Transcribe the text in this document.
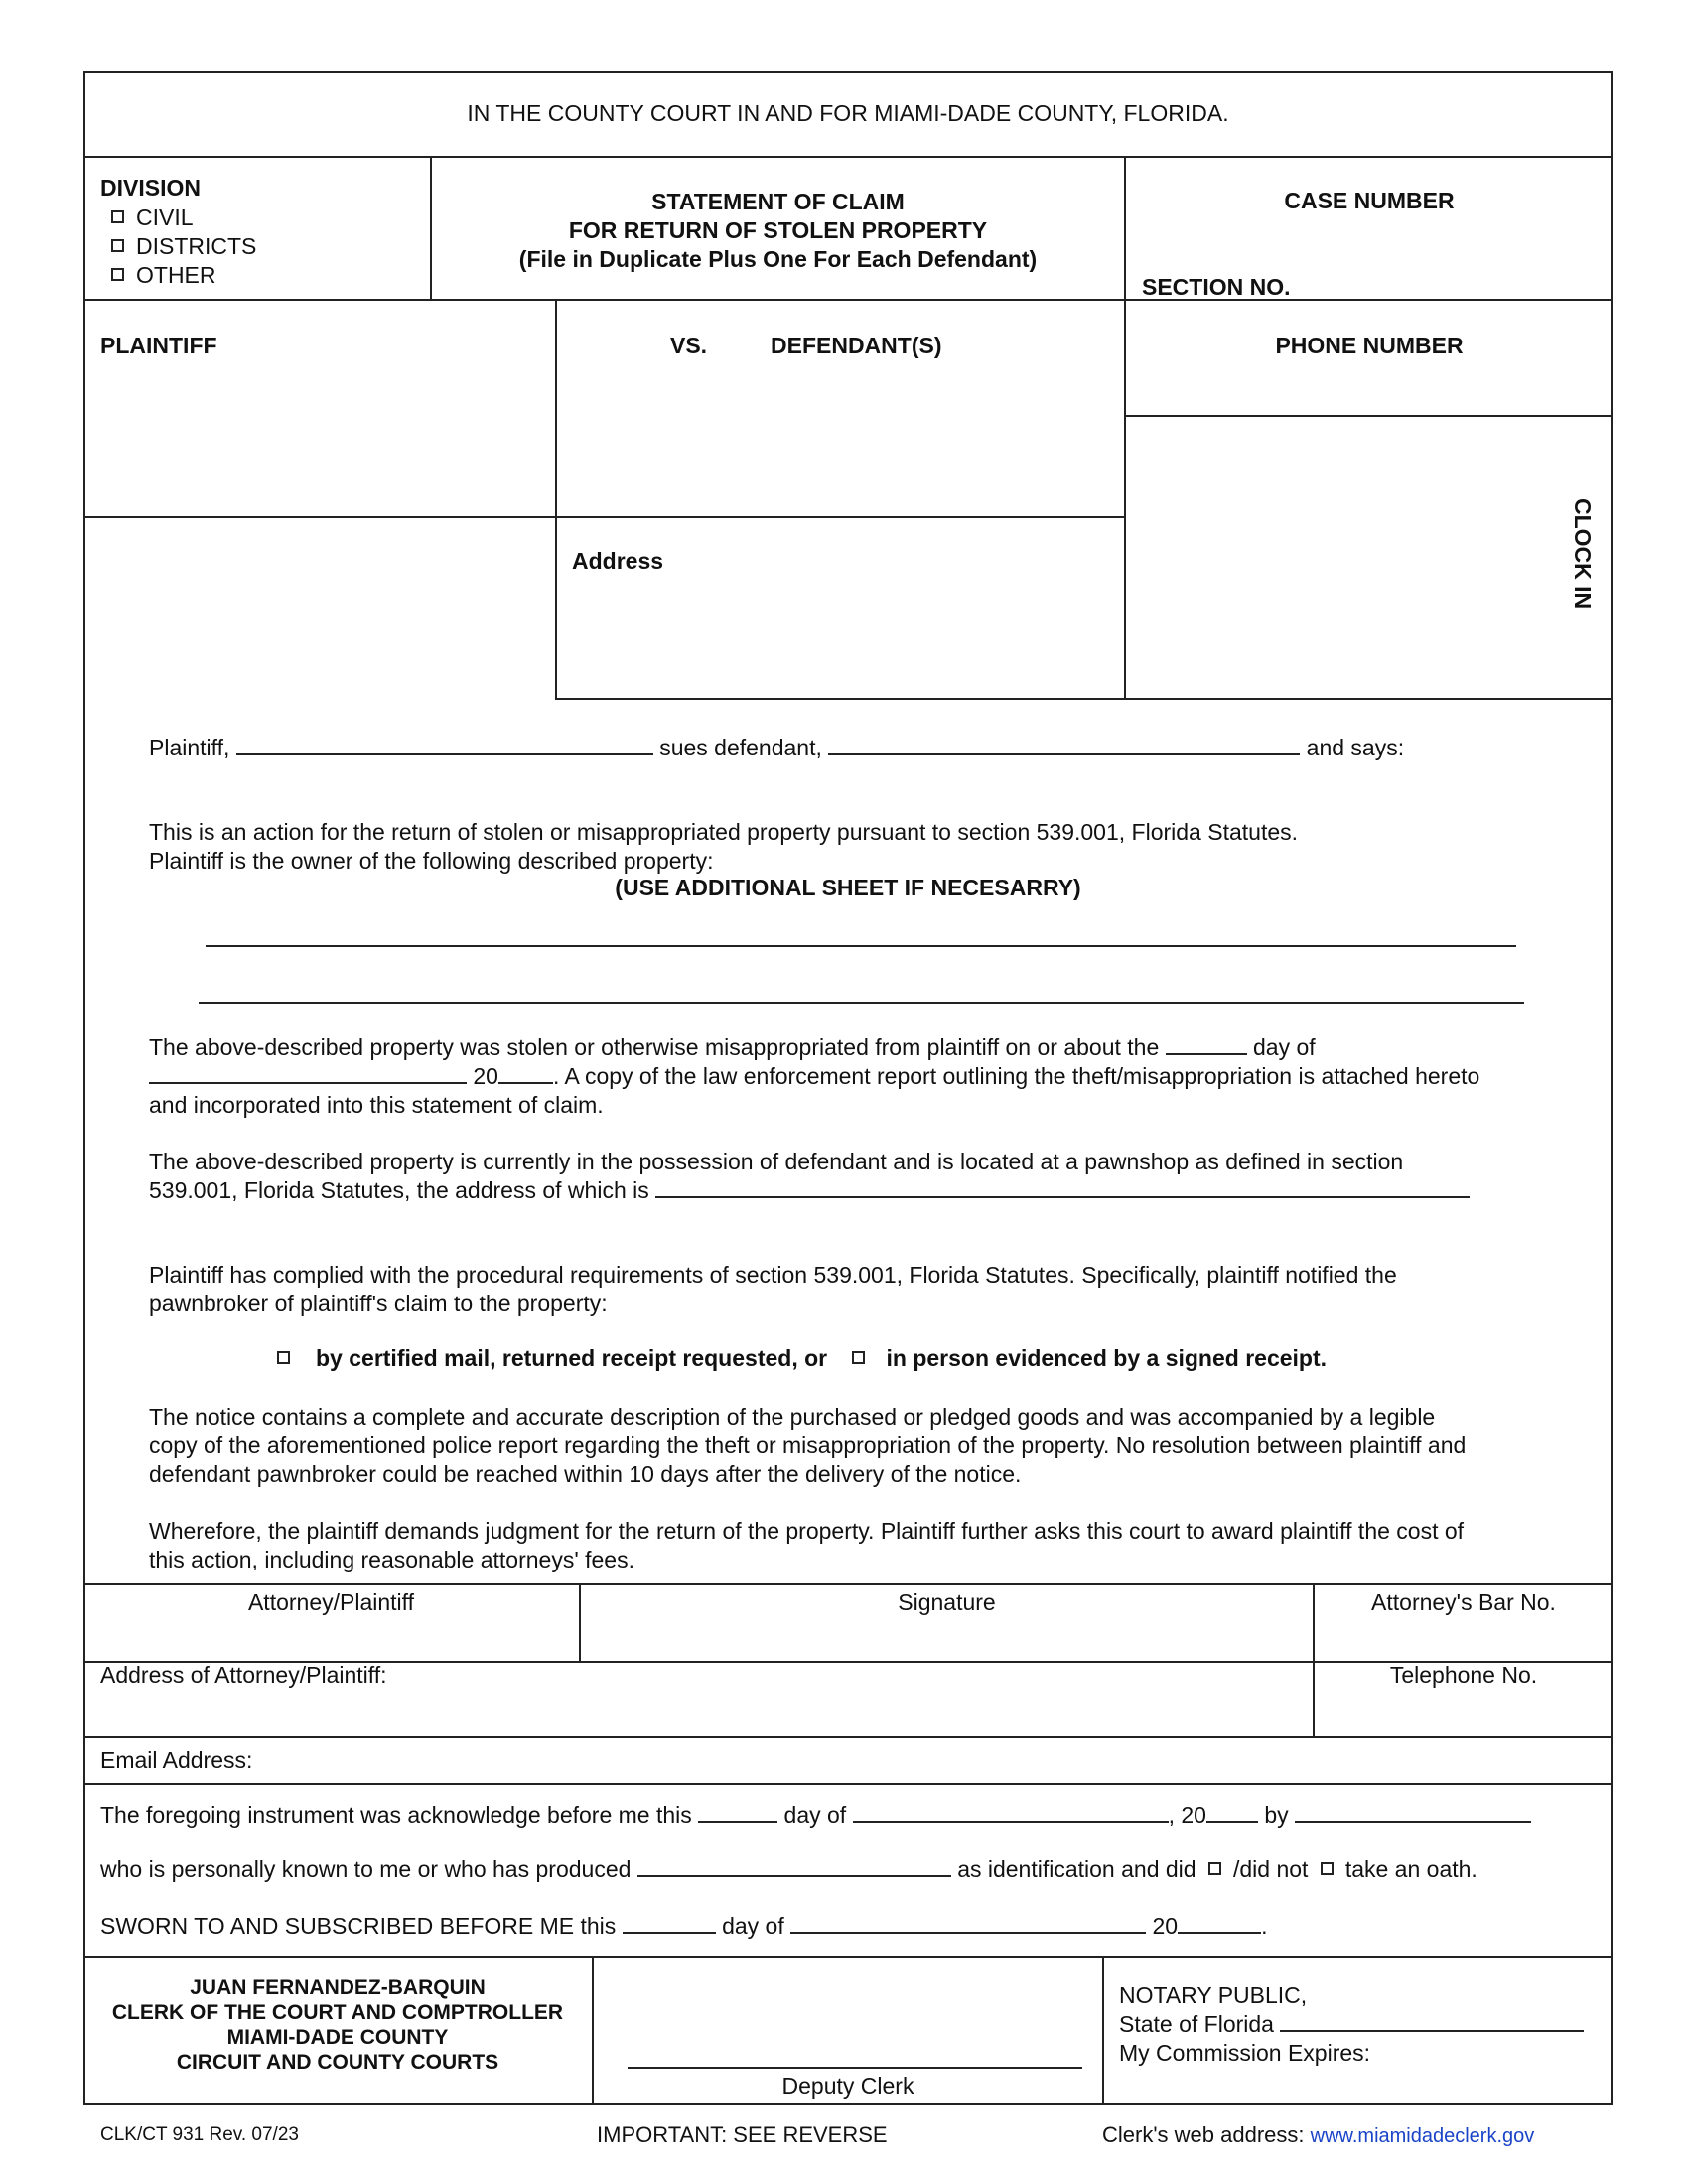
IN THE COUNTY COURT IN AND FOR MIAMI-DADE COUNTY, FLORIDA.
DIVISION
CIVIL
DISTRICTS
OTHER
STATEMENT OF CLAIM
FOR RETURN OF STOLEN PROPERTY
(File in Duplicate Plus One For Each Defendant)
CASE NUMBER
SECTION NO.
PLAINTIFF	VS.	DEFENDANT(S)	PHONE NUMBER
Address	CLOCK IN
Plaintiff,	sues defendant,	and says:
This is an action for the return of stolen or misappropriated property pursuant to section 539.001, Florida Statutes.
Plaintiff is the owner of the following described property:
(USE ADDITIONAL SHEET IF NECESARRY)
The above-described property was stolen or otherwise misappropriated from plaintiff on or about the	day of
20 . A copy of the law enforcement report outlining the theft/misappropriation is attached hereto
and incorporated into this statement of claim.
The above-described property is currently in the possession of defendant and is located at a pawnshop as defined in section
539.001, Florida Statutes, the address of which is
Plaintiff has complied with the procedural requirements of section 539.001, Florida Statutes. Specifically, plaintiff notified the
pawnbroker of plaintiff's claim to the property:
by certified mail, returned receipt requested, or	in person evidenced by a signed receipt.
The notice contains a complete and accurate description of the purchased or pledged goods and was accompanied by a legible
copy of the aforementioned police report regarding the theft or misappropriation of the property. No resolution between plaintiff and
defendant pawnbroker could be reached within 10 days after the delivery of the notice.
Wherefore, the plaintiff demands judgment for the return of the property. Plaintiff further asks this court to award plaintiff the cost of
this action, including reasonable attorneys' fees.
Attorney/Plaintiff	Signature	Attorney's Bar No.
Address of Attorney/Plaintiff:	Telephone No.
Email Address:
The foregoing instrument was acknowledge before me this	day of	, 20	by
who is personally known to me or who has produced	as identification and did /did not take an oath.
SWORN TO AND SUBSCRIBED BEFORE ME this	day of	20	.
JUAN FERNANDEZ-BARQUIN
CLERK OF THE COURT AND COMPTROLLER
MIAMI-DADE COUNTY
CIRCUIT AND COUNTY COURTS
Deputy Clerk
NOTARY PUBLIC,
State of Florida
My Commission Expires:
CLK/CT 931 Rev. 07/23	IMPORTANT: SEE REVERSE	Clerk's web address: www.miamidadeclerk.gov
